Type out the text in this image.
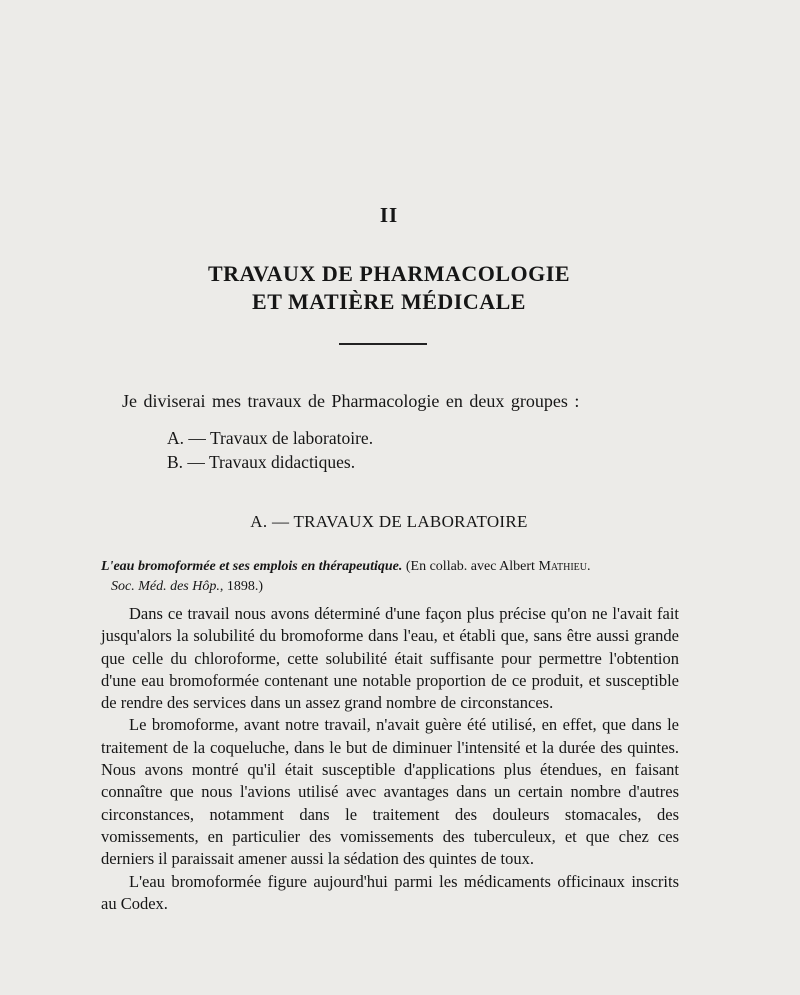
II
TRAVAUX DE PHARMACOLOGIE
ET MATIÈRE MÉDICALE
Je diviserai mes travaux de Pharmacologie en deux groupes :
A. — Travaux de laboratoire.
B. — Travaux didactiques.
A. — TRAVAUX DE LABORATOIRE
L'eau bromoformée et ses emplois en thérapeutique. (En collab. avec Albert Mathieu.
Soc. Méd. des Hôp., 1898.)

Dans ce travail nous avons déterminé d'une façon plus précise qu'on ne l'avait fait jusqu'alors la solubilité du bromoforme dans l'eau, et établi que, sans être aussi grande que celle du chloroforme, cette solubilité était suffisante pour permettre l'obtention d'une eau bromoformée contenant une notable proportion de ce produit, et susceptible de rendre des services dans un assez grand nombre de circonstances.

Le bromoforme, avant notre travail, n'avait guère été utilisé, en effet, que dans le traitement de la coqueluche, dans le but de diminuer l'intensité et la durée des quintes. Nous avons montré qu'il était susceptible d'applications plus étendues, en faisant connaître que nous l'avions utilisé avec avantages dans un certain nombre d'autres circonstances, notamment dans le traitement des douleurs stomacales, des vomissements, en particulier des vomissements des tuberculeux, et que chez ces derniers il paraissait amener aussi la sédation des quintes de toux.

L'eau bromoformée figure aujourd'hui parmi les médicaments officinaux inscrits au Codex.
